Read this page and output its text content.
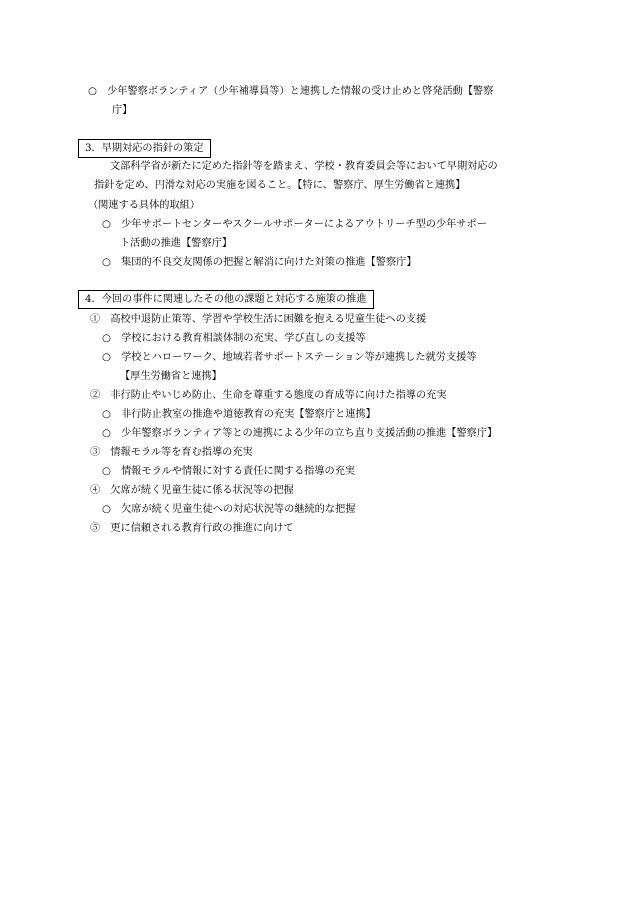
○　少年警察ボランティア（少年補導員等）と連携した情報の受け止めと啓発活動【警察
庁】
3．早期対応の指針の策定
文部科学省が新たに定めた指針等を踏まえ、学校・教育委員会等において早期対応の
指針を定め、円滑な対応の実施を図ること。【特に、警察庁、厚生労働省と連携】
（関連する具体的取組）
○　少年サポートセンターやスクールサポーターによるアウトリーチ型の少年サポー
ト活動の推進【警察庁】
○　集団的不良交友関係の把握と解消に向けた対策の推進【警察庁】
4．今回の事件に関連したその他の課題と対応する施策の推進
①　高校中退防止策等、学習や学校生活に困難を抱える児童生徒への支援
○　学校における教育相談体制の充実、学び直しの支援等
○　学校とハローワーク、地域若者サポートステーション等が連携した就労支援等
【厚生労働省と連携】
②　非行防止やいじめ防止、生命を尊重する態度の育成等に向けた指導の充実
○　非行防止教室の推進や道徳教育の充実【警察庁と連携】
○　少年警察ボランティア等との連携による少年の立ち直り支援活動の推進【警察庁】
③　情報モラル等を育む指導の充実
○　情報モラルや情報に対する責任に関する指導の充実
④　欠席が続く児童生徒に係る状況等の把握
○　欠席が続く児童生徒への対応状況等の継続的な把握
⑤　更に信頼される教育行政の推進に向けて
